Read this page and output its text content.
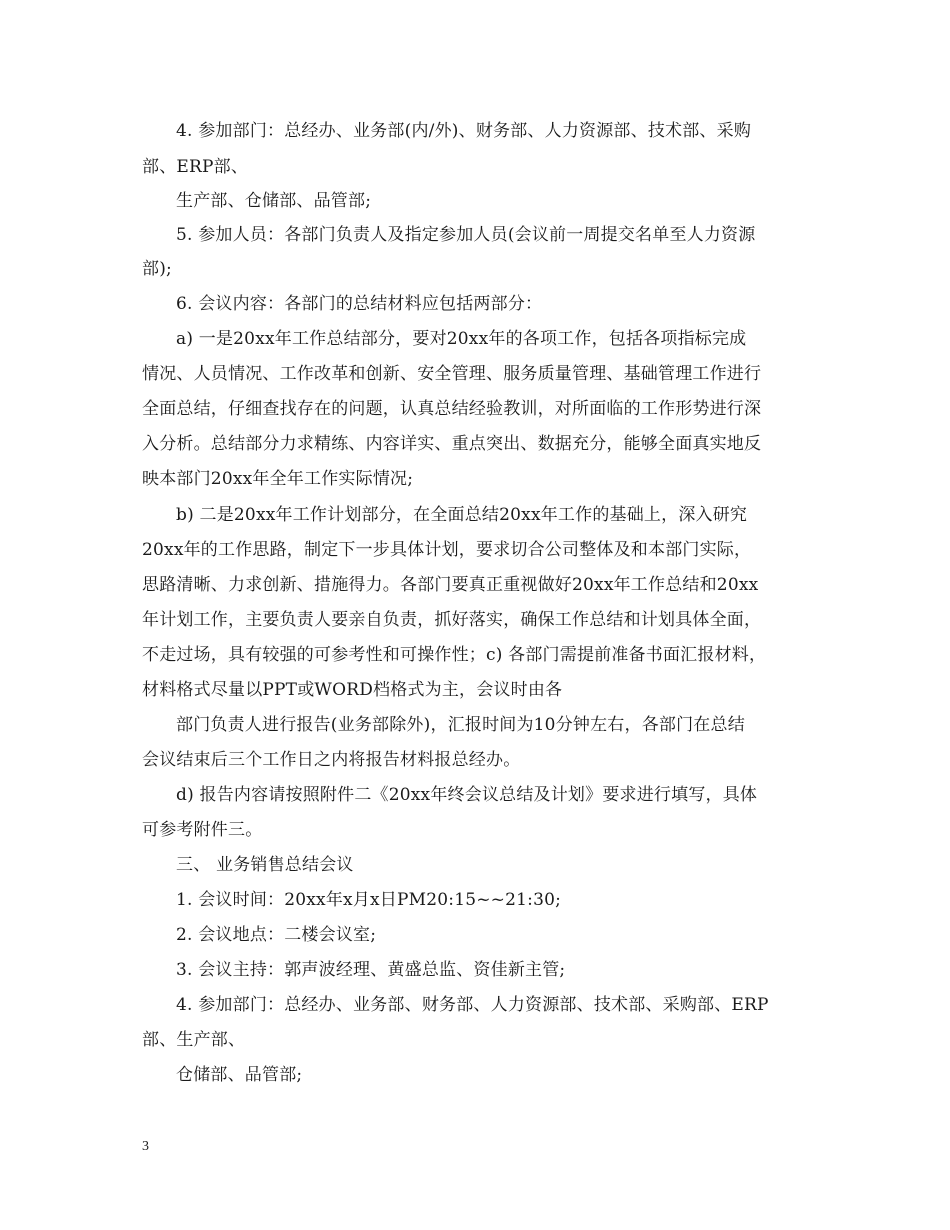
4. 参加部门：总经办、业务部(内/外)、财务部、人力资源部、技术部、采购
部、ERP部、
生产部、仓储部、品管部;
5. 参加人员：各部门负责人及指定参加人员(会议前一周提交名单至人力资源
部);
6. 会议内容：各部门的总结材料应包括两部分：
a) 一是20xx年工作总结部分，要对20xx年的各项工作，包括各项指标完成
情况、人员情况、工作改革和创新、安全管理、服务质量管理、基础管理工作进行
全面总结，仔细查找存在的问题，认真总结经验教训，对所面临的工作形势进行深
入分析。总结部分力求精练、内容详实、重点突出、数据充分，能够全面真实地反
映本部门20xx年全年工作实际情况;
b) 二是20xx年工作计划部分，在全面总结20xx年工作的基础上，深入研究
20xx年的工作思路，制定下一步具体计划，要求切合公司整体及和本部门实际，
思路清晰、力求创新、措施得力。各部门要真正重视做好20xx年工作总结和20xx
年计划工作，主要负责人要亲自负责，抓好落实，确保工作总结和计划具体全面，
不走过场，具有较强的可参考性和可操作性；c) 各部门需提前准备书面汇报材料，
材料格式尽量以PPT或WORD档格式为主，会议时由各
部门负责人进行报告(业务部除外)，汇报时间为10分钟左右，各部门在总结
会议结束后三个工作日之内将报告材料报总经办。
d) 报告内容请按照附件二《20xx年终会议总结及计划》要求进行填写，具体
可参考附件三。
三、 业务销售总结会议
1. 会议时间：20xx年x月x日PM20:15~~21:30;
2. 会议地点：二楼会议室;
3. 会议主持：郭声波经理、黄盛总监、资佳新主管;
4. 参加部门：总经办、业务部、财务部、人力资源部、技术部、采购部、ERP
部、生产部、
仓储部、品管部;
3
